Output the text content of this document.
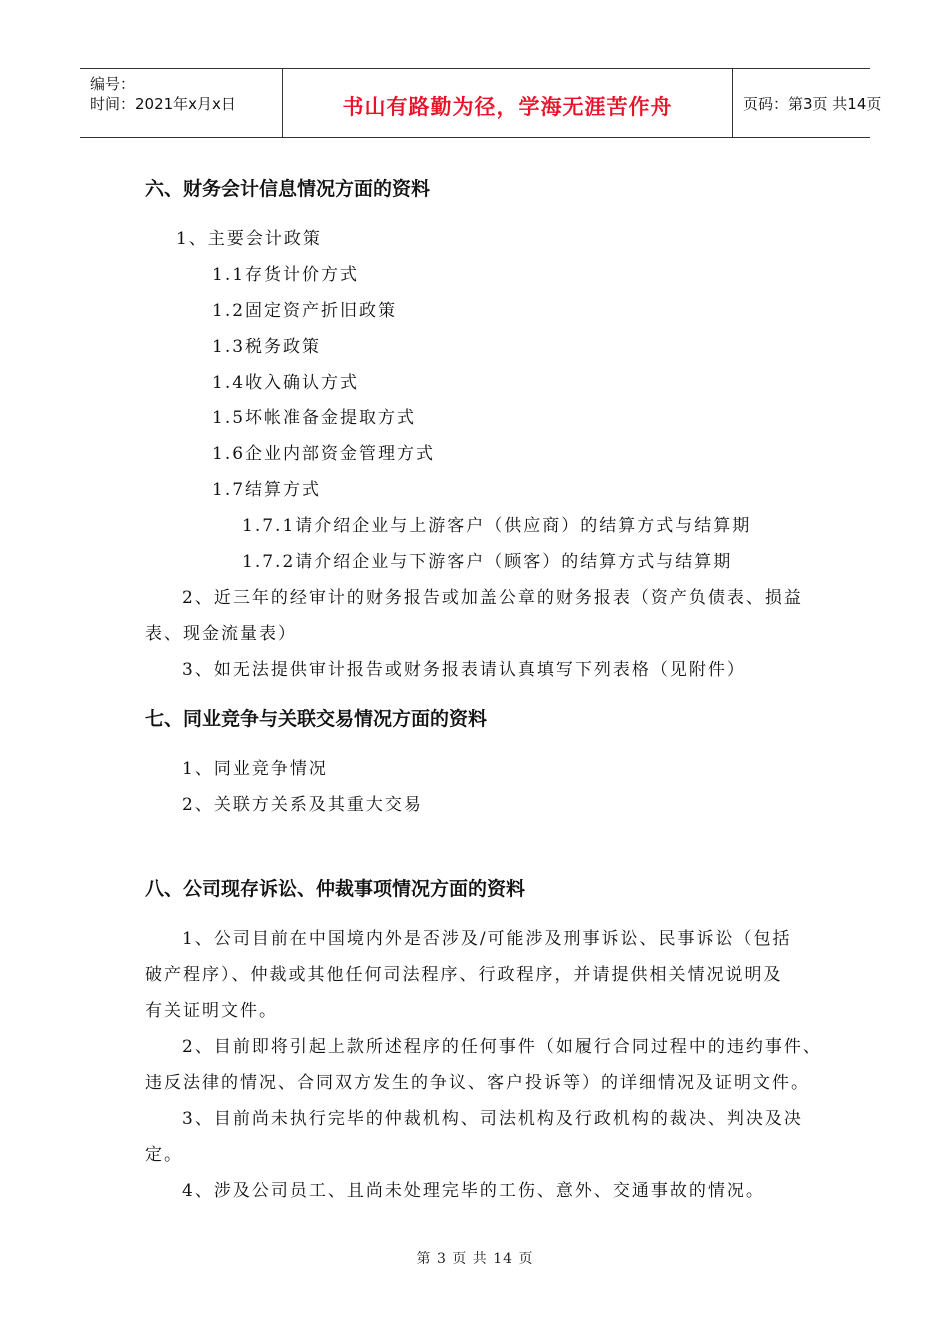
编号：
时间：2021年x月x日	书山有路勤为径，学海无涯苦作舟	页码：第3页 共14页
六、财务会计信息情况方面的资料
1、主要会计政策
1.1存货计价方式
1.2固定资产折旧政策
1.3税务政策
1.4收入确认方式
1.5坏帐准备金提取方式
1.6企业内部资金管理方式
1.7结算方式
1.7.1请介绍企业与上游客户（供应商）的结算方式与结算期
1.7.2请介绍企业与下游客户（顾客）的结算方式与结算期
2、近三年的经审计的财务报告或加盖公章的财务报表（资产负债表、损益
表、现金流量表）
3、如无法提供审计报告或财务报表请认真填写下列表格（见附件）
七、同业竞争与关联交易情况方面的资料
1、同业竞争情况
2、关联方关系及其重大交易
八、公司现存诉讼、仲裁事项情况方面的资料
1、公司目前在中国境内外是否涉及/可能涉及刑事诉讼、民事诉讼（包括
破产程序）、仲裁或其他任何司法程序、行政程序，并请提供相关情况说明及
有关证明文件。
2、目前即将引起上款所述程序的任何事件（如履行合同过程中的违约事件、
违反法律的情况、合同双方发生的争议、客户投诉等）的详细情况及证明文件。
3、目前尚未执行完毕的仲裁机构、司法机构及行政机构的裁决、判决及决
定。
4、涉及公司员工、且尚未处理完毕的工伤、意外、交通事故的情况。
第 3 页 共 14 页
